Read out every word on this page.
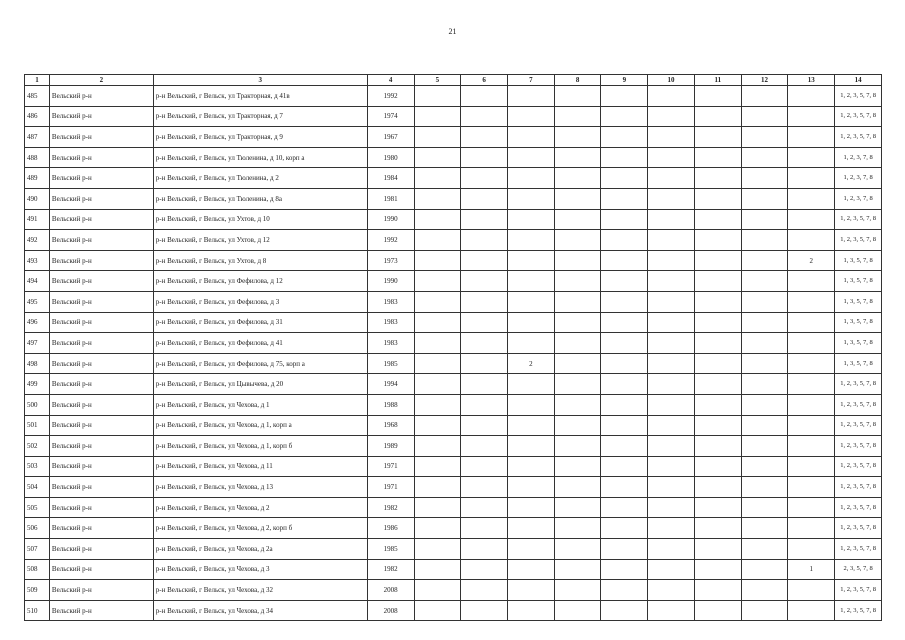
21
1	2	3	4	5	6	7	8	9	10	11	12	13	14
485	Вельский р-н	р-н Вельский, г Вельск, ул Тракторная, д 41в	1992										1, 2, 3, 5, 7, 8
486	Вельский р-н	р-н Вельский, г Вельск, ул Тракторная, д 7	1974										1, 2, 3, 5, 7, 8
487	Вельский р-н	р-н Вельский, г Вельск, ул Тракторная, д 9	1967										1, 2, 3, 5, 7, 8
488	Вельский р-н	р-н Вельский, г Вельск, ул Тюленина, д 10, корп а	1980										1, 2, 3, 7, 8
489	Вельский р-н	р-н Вельский, г Вельск, ул Тюленина, д 2	1984										1, 2, 3, 7, 8
490	Вельский р-н	р-н Вельский, г Вельск, ул Тюленина, д 8а	1981										1, 2, 3, 7, 8
491	Вельский р-н	р-н Вельский, г Вельск, ул Ухтов, д 10	1990										1, 2, 3, 5, 7, 8
492	Вельский р-н	р-н Вельский, г Вельск, ул Ухтов, д 12	1992										1, 2, 3, 5, 7, 8
493	Вельский р-н	р-н Вельский, г Вельск, ул Ухтов, д 8	1973									2	1, 3, 5, 7, 8
494	Вельский р-н	р-н Вельский, г Вельск, ул Фефилова, д 12	1990										1, 3, 5, 7, 8
495	Вельский р-н	р-н Вельский, г Вельск, ул Фефилова, д 3	1983										1, 3, 5, 7, 8
496	Вельский р-н	р-н Вельский, г Вельск, ул Фефилова, д 31	1983										1, 3, 5, 7, 8
497	Вельский р-н	р-н Вельский, г Вельск, ул Фефилова, д 41	1983										1, 3, 5, 7, 8
498	Вельский р-н	р-н Вельский, г Вельск, ул Фефилова, д 75, корп а	1985			2							1, 3, 5, 7, 8
499	Вельский р-н	р-н Вельский, г Вельск, ул Цывычева, д 20	1994										1, 2, 3, 5, 7, 8
500	Вельский р-н	р-н Вельский, г Вельск, ул Чехова, д 1	1988										1, 2, 3, 5, 7, 8
501	Вельский р-н	р-н Вельский, г Вельск, ул Чехова, д 1, корп а	1968										1, 2, 3, 5, 7, 8
502	Вельский р-н	р-н Вельский, г Вельск, ул Чехова, д 1, корп б	1989										1, 2, 3, 5, 7, 8
503	Вельский р-н	р-н Вельский, г Вельск, ул Чехова, д 11	1971										1, 2, 3, 5, 7, 8
504	Вельский р-н	р-н Вельский, г Вельск, ул Чехова, д 13	1971										1, 2, 3, 5, 7, 8
505	Вельский р-н	р-н Вельский, г Вельск, ул Чехова, д 2	1982										1, 2, 3, 5, 7, 8
506	Вельский р-н	р-н Вельский, г Вельск, ул Чехова, д 2, корп б	1986										1, 2, 3, 5, 7, 8
507	Вельский р-н	р-н Вельский, г Вельск, ул Чехова, д 2а	1985										1, 2, 3, 5, 7, 8
508	Вельский р-н	р-н Вельский, г Вельск, ул Чехова, д 3	1982									1	2, 3, 5, 7, 8
509	Вельский р-н	р-н Вельский, г Вельск, ул Чехова, д 32	2008										1, 2, 3, 5, 7, 8
510	Вельский р-н	р-н Вельский, г Вельск, ул Чехова, д 34	2008										1, 2, 3, 5, 7, 8
